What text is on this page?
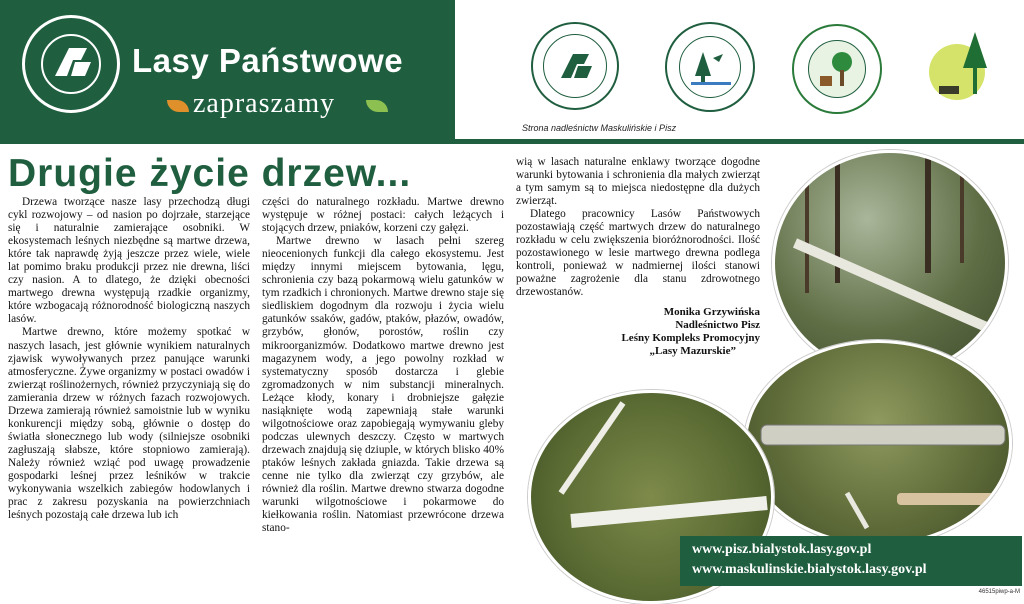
Lasy Państwowe
zapraszamy
Strona nadleśnictw Maskulińskie i Pisz
Drugie życie drzew...

Drzewa tworzące nasze lasy przechodzą długi cykl rozwojowy – od nasion po dojrzałe, starzejące się i naturalnie zamierające osobniki. W ekosystemach leśnych niezbędne są martwe drzewa, które tak naprawdę żyją jeszcze przez wiele, wiele lat pomimo braku produkcji przez nie drewna, liści czy nasion. A to dlatego, że dzięki obecności martwego drewna występują rzadkie organizmy, które wzbogacają różnorodność biologiczną naszych lasów.

Martwe drewno, które możemy spotkać w naszych lasach, jest głównie wynikiem naturalnych zjawisk wywoływanych przez panujące warunki atmosferyczne. Żywe organizmy w postaci owadów i zwierząt roślinożernych, również przyczyniają się do zamierania drzew w różnych fazach rozwojowych. Drzewa zamierają również samoistnie lub w wyniku konkurencji między sobą, głównie o dostęp do światła słonecznego lub wody (silniejsze osobniki zagłuszają słabsze, które stopniowo zamierają). Należy również wziąć pod uwagę prowadzenie gospodarki leśnej przez leśników w trakcie wykonywania wszelkich zabiegów hodowlanych i prac z zakresu pozyskania na powierzchniach leśnych pozostają całe drzewa lub ich

części do naturalnego rozkładu. Martwe drewno występuje w różnej postaci: całych leżących i stojących drzew, pniaków, korzeni czy gałęzi.

Martwe drewno w lasach pełni szereg nieocenionych funkcji dla całego ekosystemu. Jest między innymi miejscem bytowania, lęgu, schronienia czy bazą pokarmową wielu gatunków w tym rzadkich i chronionych. Martwe drewno staje się siedliskiem dogodnym dla rozwoju i życia wielu gatunków ssaków, gadów, ptaków, płazów, owadów, grzybów, głonów, porostów, roślin czy mikroorganizmów. Dodatkowo martwe drewno jest magazynem wody, a jego powolny rozkład w systematyczny sposób dostarcza i glebie zgromadzonych w nim substancji mineralnych. Leżące kłody, konary i drobniejsze gałęzie nasiąknięte wodą zapewniają stałe warunki wilgotnościowe oraz zapobiegają wymywaniu gleby podczas ulewnych deszczy. Często w martwych drzewach znajdują się dziuple, w których blisko 40% ptaków leśnych zakłada gniazda. Takie drzewa są cenne nie tylko dla zwierząt czy grzybów, ale również dla roślin. Martwe drewno stwarza dogodne warunki wilgotnościowe i pokarmowe do kiełkowania roślin. Natomiast przewrócone drzewa stano-

wią w lasach naturalne enklawy tworzące dogodne warunki bytowania i schronienia dla małych zwierząt a tym samym są to miejsca niedostępne dla dużych zwierząt.

Dlatego pracownicy Lasów Państwowych pozostawiają część martwych drzew do naturalnego rozkładu w celu zwiększenia bioróżnorodności. Ilość pozostawionego w lesie martwego drewna podlega kontroli, ponieważ w nadmiernej ilości stanowi poważne zagrożenie dla stanu zdrowotnego drzewostanów.

Monika Grzywińska
Nadleśnictwo Pisz
Leśny Kompleks Promocyjny
„Lasy Mazurskie”
www.pisz.bialystok.lasy.gov.pl
www.maskulinskie.bialystok.lasy.gov.pl
46515piwp-a-M
